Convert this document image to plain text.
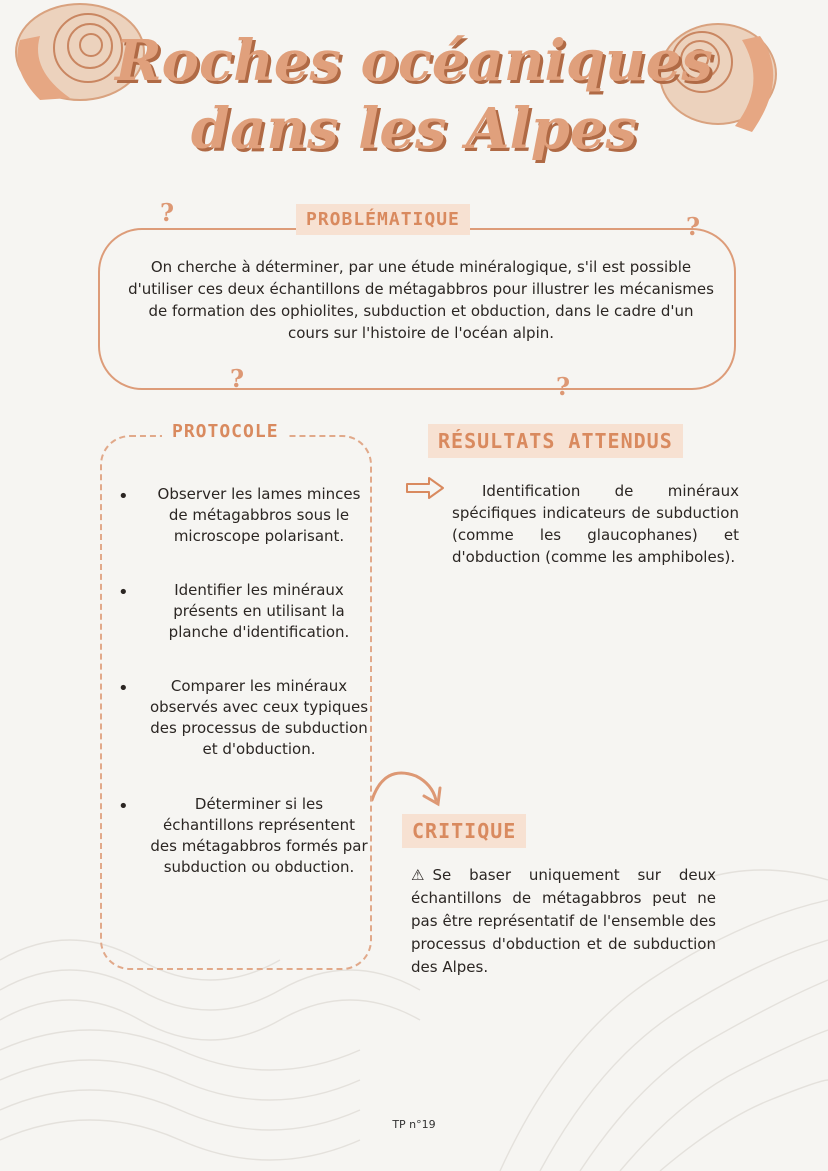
Roches océaniques
dans les Alpes
?	?
?	?
PROBLÉMATIQUE

On cherche à déterminer, par une étude minéralogique, s'il est possible d'utiliser ces deux échantillons de métagabbros pour illustrer les mécanismes de formation des ophiolites, subduction et obduction, dans le cadre d'un cours sur l'histoire de l'océan alpin.

PROTOCOLE
•	Observer les lames minces de métagabbros sous le microscope polarisant.

•	Identifier les minéraux présents en utilisant la planche d'identification.

•	Comparer les minéraux observés avec ceux typiques des processus de subduction et d'obduction.

•	Déterminer si les échantillons représentent des métagabbros formés par subduction ou obduction.

RÉSULTATS ATTENDUS

Identification de minéraux spécifiques indicateurs de subduction (comme les glaucophanes) et d'obduction (comme les amphiboles).

CRITIQUE

⚠ Se baser uniquement sur deux échantillons de métagabbros peut ne pas être représentatif de l'ensemble des processus d'obduction et de subduction des Alpes.

TP n°19
